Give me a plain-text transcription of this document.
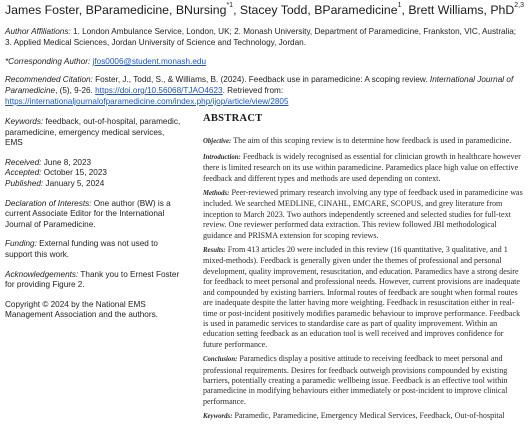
James Foster, BParamedicine, BNursing$^{*1}$, Stacey Todd, BParamedicine$^1$, Brett Williams, PhD$^{2,3}$
Author Affiliations: 1. London Ambulance Service, London, UK; 2. Monash University, Department of Paramedicine, Frankston, VIC, Australia; 3. Applied Medical Sciences, Jordan University of Science and Technology, Jordan.
*Corresponding Author: jfos0006@student.monash.edu
Recommended Citation: Foster, J., Todd, S., & Williams, B. (2024). Feedback use in paramedicine: A scoping review. International Journal of Paramedicine, (5), 9-26. https://doi.org/10.56068/TJAO4623. Retrieved from: https://internationaljournalofparamedicine.com/index.php/ijop/article/view/2805
Keywords: feedback, out-of-hospital, paramedic, paramedicine, emergency medical services, EMS
Received: June 8, 2023
Accepted: October 15, 2023
Published: January 5, 2024
Declaration of Interests: One author (BW) is a current Associate Editor for the International Journal of Paramedicine.
Funding: External funding was not used to support this work.
Acknowledgements: Thank you to Ernest Foster for providing Figure 2.
Copyright © 2024 by the National EMS Management Association and the authors.
ABSTRACT

Objective: The aim of this scoping review is to determine how feedback is used in paramedicine.

Introduction: Feedback is widely recognised as essential for clinician growth in healthcare however there is limited research on its use within paramedicine. Paramedics place high value on effective feedback and different types and methods are used depending on context.

Methods: Peer-reviewed primary research involving any type of feedback used in paramedicine was included. We searched MEDLINE, CINAHL, EMCARE, SCOPUS, and grey literature from inception to March 2023. Two authors independently screened and selected studies for full-text review. One reviewer performed data extraction. This review followed JBI methodological guidance and PRISMA extension for scoping reviews.

Results: From 413 articles 20 were included in this review (16 quantitative, 3 qualitative, and 1 mixed-methods). Feedback is generally given under the themes of professional and personal development, quality improvement, resuscitation, and education. Paramedics have a strong desire for feedback to meet personal and professional needs. However, current provisions are inadequate and compounded by existing barriers. Informal routes of feedback are sought when formal routes are inadequate despite the latter having more weighting. Feedback in resuscitation either in real-time or post-incident positively modifies paramedic behaviour to improve performance. Feedback is used in paramedic services to standardise care as part of quality improvement. Within an education setting feedback as an education tool is well received and improves confidence for future performance.

Conclusion: Paramedics display a positive attitude to receiving feedback to meet personal and professional requirements. Desires for feedback outweigh provisions compounded by existing barriers, potentially creating a paramedic wellbeing issue. Feedback is an effective tool within paramedicine in modifying behaviours either immediately or post-incident to improve clinical performance.

Keywords: Paramedic, Paramedicine, Emergency Medical Services, Feedback, Out-of-hospital
